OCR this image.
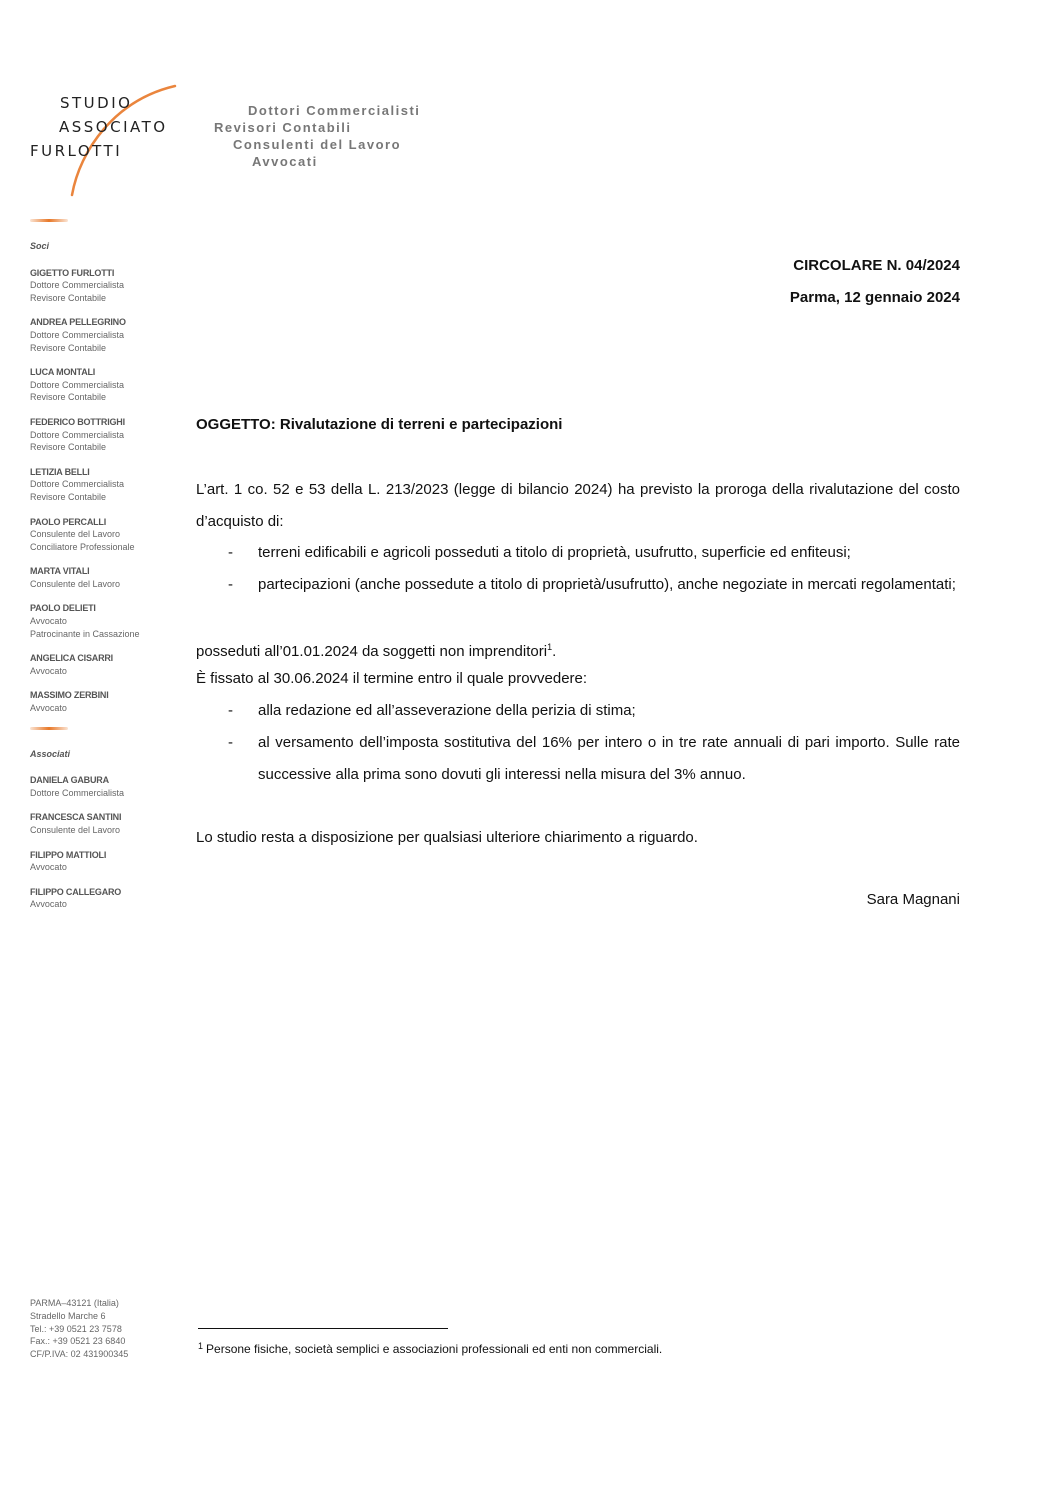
STUDIO
ASSOCIATO
FURLOTTI
Dottori Commercialisti
Revisori Contabili
Consulenti del Lavoro
Avvocati
Soci
GIGETTO FURLOTTI
Dottore Commercialista
Revisore Contabile
ANDREA PELLEGRINO
Dottore Commercialista
Revisore Contabile
LUCA MONTALI
Dottore Commercialista
Revisore Contabile
FEDERICO BOTTRIGHI
Dottore Commercialista
Revisore Contabile
LETIZIA BELLI
Dottore Commercialista
Revisore Contabile
PAOLO PERCALLI
Consulente del Lavoro
Conciliatore Professionale
MARTA VITALI
Consulente del Lavoro
PAOLO DELIETI
Avvocato
Patrocinante in Cassazione
ANGELICA CISARRI
Avvocato
MASSIMO ZERBINI
Avvocato
Associati
DANIELA GABURA
Dottore Commercialista
FRANCESCA SANTINI
Consulente del Lavoro
FILIPPO MATTIOLI
Avvocato
FILIPPO CALLEGARO
Avvocato
PARMA–43121 (Italia)
Stradello Marche 6
Tel.: +39 0521 23 7578
Fax.: +39 0521 23 6840
CF/P.IVA: 02 431900345
CIRCOLARE N. 04/2024
Parma, 12 gennaio 2024
OGGETTO: Rivalutazione di terreni e partecipazioni
L’art. 1 co. 52 e 53 della L. 213/2023 (legge di bilancio 2024) ha previsto la proroga della rivalutazione del costo d’acquisto di:
- terreni edificabili e agricoli posseduti a titolo di proprietà, usufrutto, superficie ed enfiteusi;
- partecipazioni (anche possedute a titolo di proprietà/usufrutto), anche negoziate in mercati regolamentati;
posseduti all’01.01.2024 da soggetti non imprenditori$^1$.
È fissato al 30.06.2024 il termine entro il quale provvedere:
- alla redazione ed all’asseverazione della perizia di stima;
- al versamento dell’imposta sostitutiva del 16% per intero o in tre rate annuali di pari importo. Sulle rate successive alla prima sono dovuti gli interessi nella misura del 3% annuo.
Lo studio resta a disposizione per qualsiasi ulteriore chiarimento a riguardo.
Sara Magnani
$^1$ Persone fisiche, società semplici e associazioni professionali ed enti non commerciali.
